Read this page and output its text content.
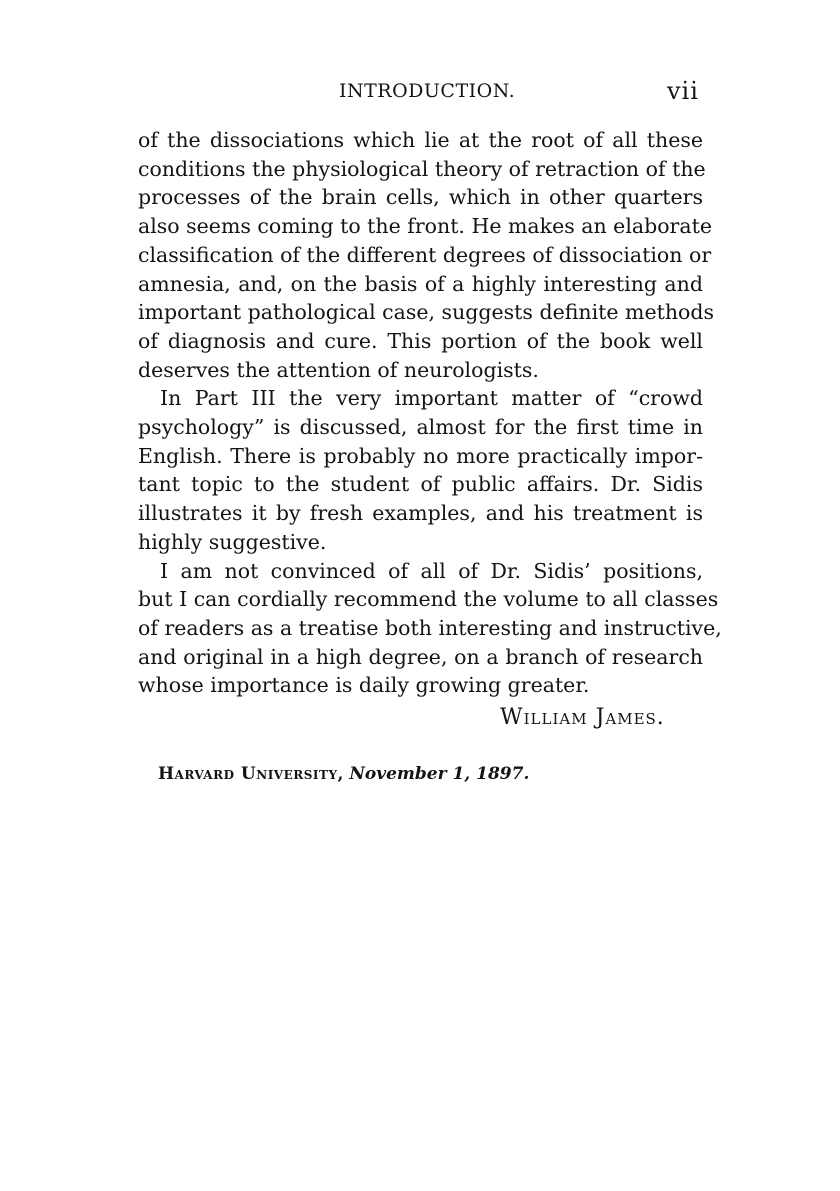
INTRODUCTION.	vii
of the dissociations which lie at the root of all these
conditions the physiological theory of retraction of the
processes of the brain cells, which in other quarters
also seems coming to the front. He makes an elaborate
classification of the different degrees of dissociation or
amnesia, and, on the basis of a highly interesting and
important pathological case, suggests definite methods
of diagnosis and cure. This portion of the book well
deserves the attention of neurologists.
In Part III the very important matter of “crowd
psychology” is discussed, almost for the first time in
English. There is probably no more practically impor-
tant topic to the student of public affairs. Dr. Sidis
illustrates it by fresh examples, and his treatment is
highly suggestive.
I am not convinced of all of Dr. Sidis’ positions,
but I can cordially recommend the volume to all classes
of readers as a treatise both interesting and instructive,
and original in a high degree, on a branch of research
whose importance is daily growing greater.
William James.
Harvard University, November 1, 1897.
